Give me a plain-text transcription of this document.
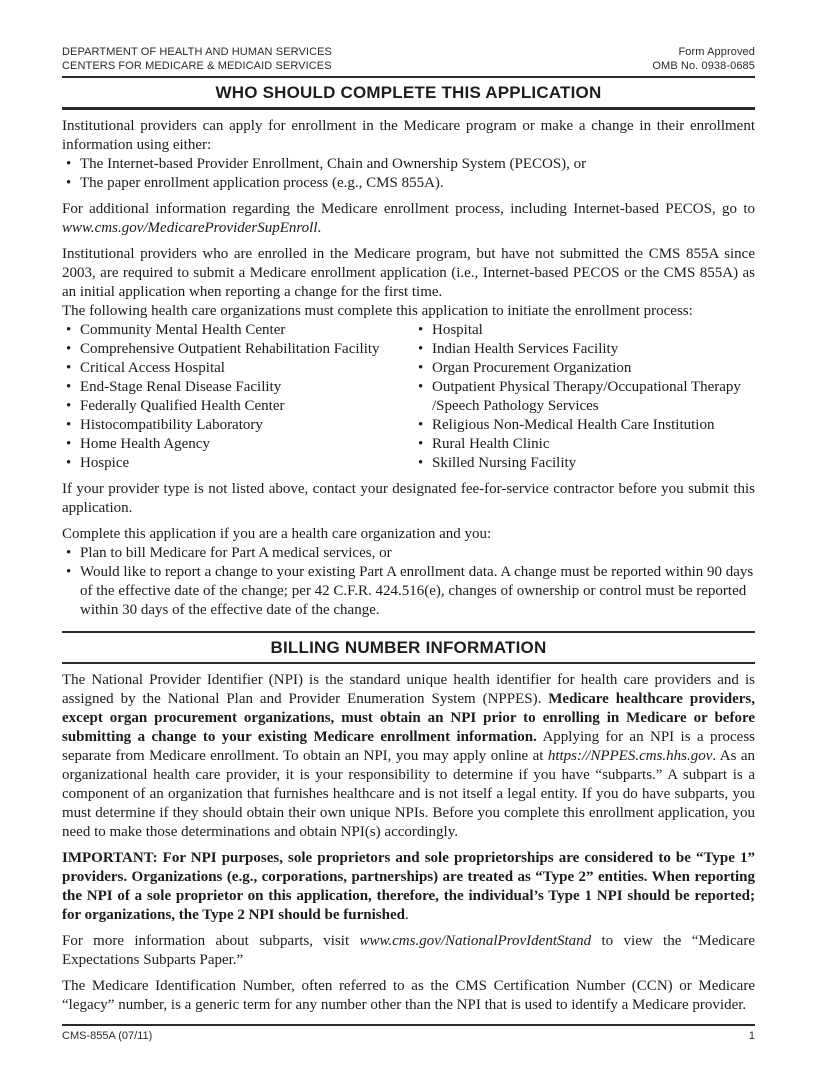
DEPARTMENT OF HEALTH AND HUMAN SERVICES
CENTERS FOR MEDICARE & MEDICAID SERVICES
Form Approved
OMB No. 0938-0685
WHO SHOULD COMPLETE THIS APPLICATION

Institutional providers can apply for enrollment in the Medicare program or make a change in their enrollment information using either:

• The Internet-based Provider Enrollment, Chain and Ownership System (PECOS), or
• The paper enrollment application process (e.g., CMS 855A).

For additional information regarding the Medicare enrollment process, including Internet-based PECOS, go to www.cms.gov/MedicareProviderSupEnroll.

Institutional providers who are enrolled in the Medicare program, but have not submitted the CMS 855A since 2003, are required to submit a Medicare enrollment application (i.e., Internet-based PECOS or the CMS 855A) as an initial application when reporting a change for the first time.

The following health care organizations must complete this application to initiate the enrollment process:

• Community Mental Health Center
• Comprehensive Outpatient Rehabilitation Facility
• Critical Access Hospital
• End-Stage Renal Disease Facility
• Federally Qualified Health Center
• Histocompatibility Laboratory
• Home Health Agency
• Hospice
• Hospital
• Indian Health Services Facility
• Organ Procurement Organization
• Outpatient Physical Therapy/Occupational Therapy /Speech Pathology Services
• Religious Non-Medical Health Care Institution
• Rural Health Clinic
• Skilled Nursing Facility

If your provider type is not listed above, contact your designated fee-for-service contractor before you submit this application.

Complete this application if you are a health care organization and you:

• Plan to bill Medicare for Part A medical services, or
• Would like to report a change to your existing Part A enrollment data. A change must be reported within 90 days of the effective date of the change; per 42 C.F.R. 424.516(e), changes of ownership or control must be reported within 30 days of the effective date of the change.
BILLING NUMBER INFORMATION

The National Provider Identifier (NPI) is the standard unique health identifier for health care providers and is assigned by the National Plan and Provider Enumeration System (NPPES). Medicare healthcare providers, except organ procurement organizations, must obtain an NPI prior to enrolling in Medicare or before submitting a change to your existing Medicare enrollment information. Applying for an NPI is a process separate from Medicare enrollment. To obtain an NPI, you may apply online at https://NPPES.cms.hhs.gov. As an organizational health care provider, it is your responsibility to determine if you have “subparts.” A subpart is a component of an organization that furnishes healthcare and is not itself a legal entity. If you do have subparts, you must determine if they should obtain their own unique NPIs. Before you complete this enrollment application, you need to make those determinations and obtain NPI(s) accordingly.

IMPORTANT: For NPI purposes, sole proprietors and sole proprietorships are considered to be “Type 1” providers. Organizations (e.g., corporations, partnerships) are treated as “Type 2” entities. When reporting the NPI of a sole proprietor on this application, therefore, the individual’s Type 1 NPI should be reported; for organizations, the Type 2 NPI should be furnished.

For more information about subparts, visit www.cms.gov/NationalProvIdentStand to view the “Medicare Expectations Subparts Paper.”

The Medicare Identification Number, often referred to as the CMS Certification Number (CCN) or Medicare “legacy” number, is a generic term for any number other than the NPI that is used to identify a Medicare provider.

CMS-855A (07/11)	1
